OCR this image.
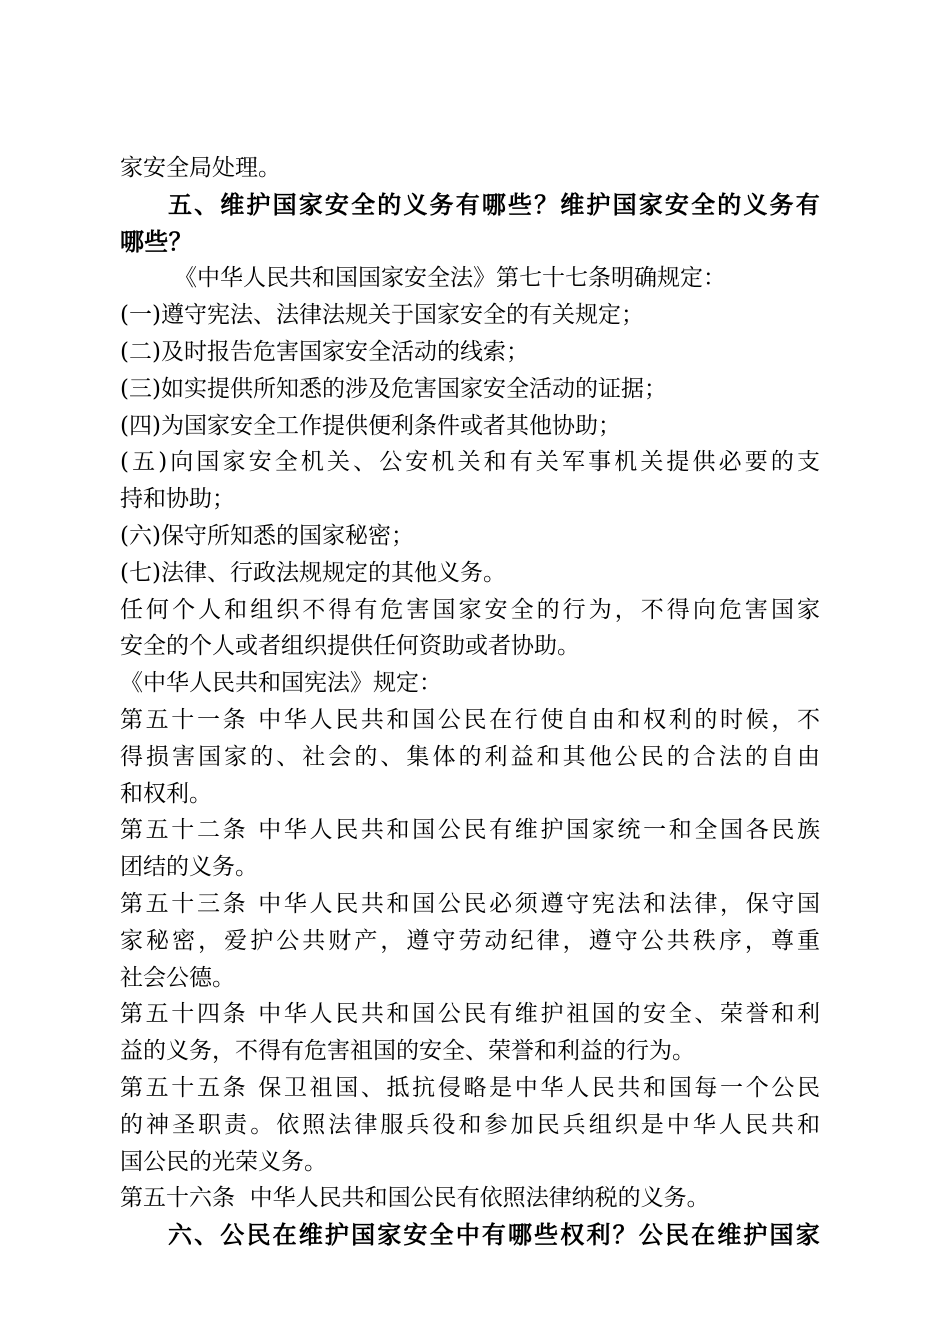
家安全局处理。
五、维护国家安全的义务有哪些？维护国家安全的义务有
哪些？
《中华人民共和国国家安全法》第七十七条明确规定：
(一)遵守宪法、法律法规关于国家安全的有关规定；
(二)及时报告危害国家安全活动的线索；
(三)如实提供所知悉的涉及危害国家安全活动的证据；
(四)为国家安全工作提供便利条件或者其他协助；
(五)向国家安全机关、公安机关和有关军事机关提供必要的支
持和协助；
(六)保守所知悉的国家秘密；
(七)法律、行政法规规定的其他义务。
任何个人和组织不得有危害国家安全的行为，不得向危害国家
安全的个人或者组织提供任何资助或者协助。
《中华人民共和国宪法》规定：
第五十一条 中华人民共和国公民在行使自由和权利的时候，不
得损害国家的、社会的、集体的利益和其他公民的合法的自由
和权利。
第五十二条 中华人民共和国公民有维护国家统一和全国各民族
团结的义务。
第五十三条 中华人民共和国公民必须遵守宪法和法律，保守国
家秘密，爱护公共财产，遵守劳动纪律，遵守公共秩序，尊重
社会公德。
第五十四条 中华人民共和国公民有维护祖国的安全、荣誉和利
益的义务，不得有危害祖国的安全、荣誉和利益的行为。
第五十五条 保卫祖国、抵抗侵略是中华人民共和国每一个公民
的神圣职责。依照法律服兵役和参加民兵组织是中华人民共和
国公民的光荣义务。
第五十六条  中华人民共和国公民有依照法律纳税的义务。
六、公民在维护国家安全中有哪些权利？公民在维护国家
